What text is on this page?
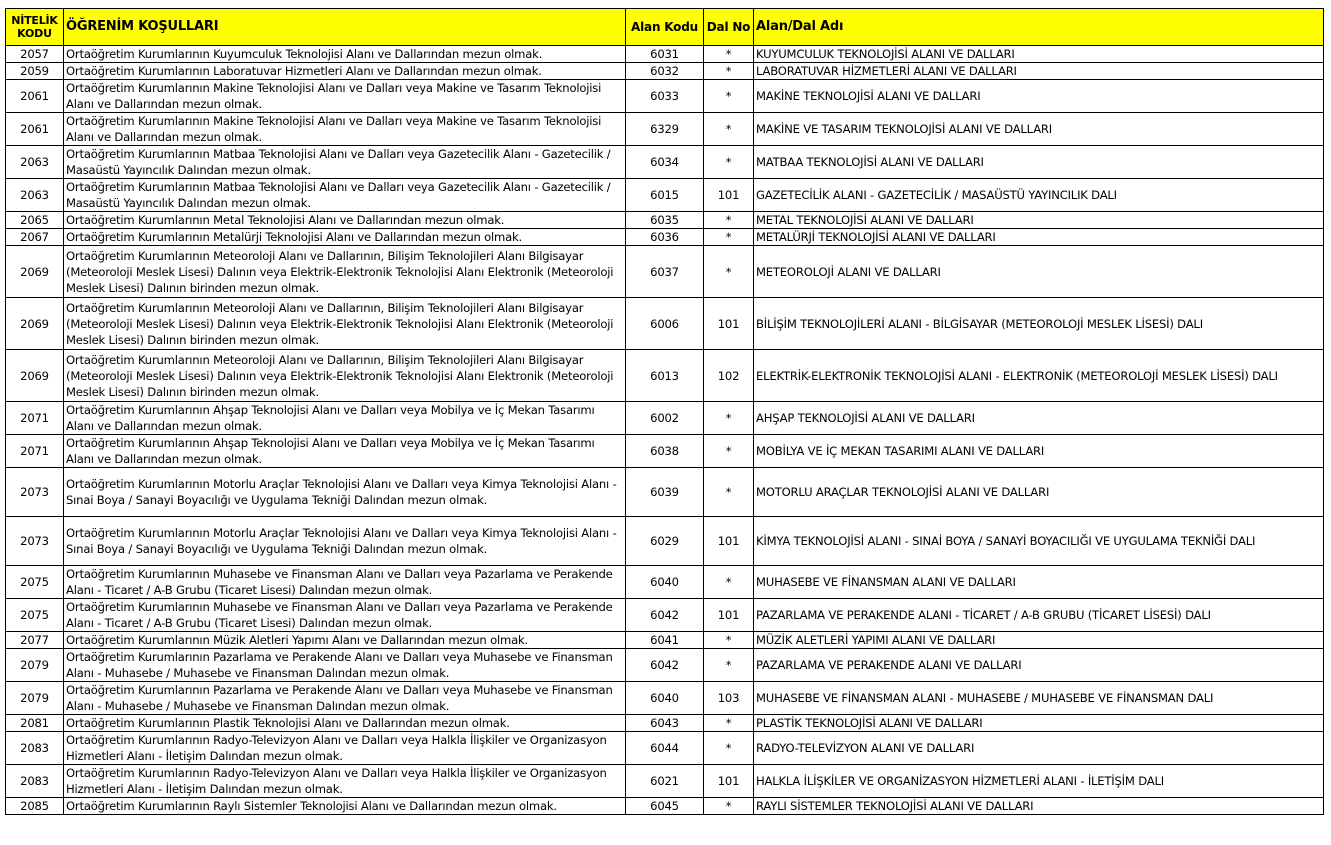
NİTELİK KODU	ÖĞRENİM KOŞULLARI	Alan Kodu	Dal No	Alan/Dal Adı
2057	Ortaöğretim Kurumlarının Kuyumculuk Teknolojisi Alanı ve Dallarından mezun olmak.	6031	*	KUYUMCULUK TEKNOLOJİSİ ALANI VE DALLARI
2059	Ortaöğretim Kurumlarının Laboratuvar Hizmetleri Alanı ve Dallarından mezun olmak.	6032	*	LABORATUVAR HİZMETLERİ ALANI VE DALLARI
2061	Ortaöğretim Kurumlarının Makine Teknolojisi Alanı ve Dalları veya Makine ve Tasarım Teknolojisi Alanı ve Dallarından mezun olmak.	6033	*	MAKİNE TEKNOLOJİSİ ALANI VE DALLARI
2061	Ortaöğretim Kurumlarının Makine Teknolojisi Alanı ve Dalları veya Makine ve Tasarım Teknolojisi Alanı ve Dallarından mezun olmak.	6329	*	MAKİNE VE TASARIM TEKNOLOJİSİ ALANI VE DALLARI
2063	Ortaöğretim Kurumlarının Matbaa Teknolojisi Alanı ve Dalları veya Gazetecilik Alanı - Gazetecilik / Masaüstü Yayıncılık Dalından mezun olmak.	6034	*	MATBAA TEKNOLOJİSİ ALANI VE DALLARI
2063	Ortaöğretim Kurumlarının Matbaa Teknolojisi Alanı ve Dalları veya Gazetecilik Alanı - Gazetecilik / Masaüstü Yayıncılık Dalından mezun olmak.	6015	101	GAZETECİLİK ALANI - GAZETECİLİK / MASAÜSTÜ YAYINCILIK DALI
2065	Ortaöğretim Kurumlarının Metal Teknolojisi Alanı ve Dallarından mezun olmak.	6035	*	METAL TEKNOLOJİSİ ALANI VE DALLARI
2067	Ortaöğretim Kurumlarının Metalürji Teknolojisi Alanı ve Dallarından mezun olmak.	6036	*	METALÜRJİ TEKNOLOJİSİ ALANI VE DALLARI
2069	Ortaöğretim Kurumlarının Meteoroloji Alanı ve Dallarının, Bilişim Teknolojileri Alanı Bilgisayar (Meteoroloji Meslek Lisesi) Dalının veya Elektrik-Elektronik Teknolojisi Alanı Elektronik (Meteoroloji Meslek Lisesi) Dalının birinden mezun olmak.	6037	*	METEOROLOJİ ALANI VE DALLARI
2069	Ortaöğretim Kurumlarının Meteoroloji Alanı ve Dallarının, Bilişim Teknolojileri Alanı Bilgisayar (Meteoroloji Meslek Lisesi) Dalının veya Elektrik-Elektronik Teknolojisi Alanı Elektronik (Meteoroloji Meslek Lisesi) Dalının birinden mezun olmak.	6006	101	BİLİŞİM TEKNOLOJİLERİ ALANI - BİLGİSAYAR (METEOROLOJİ MESLEK LİSESİ) DALI
2069	Ortaöğretim Kurumlarının Meteoroloji Alanı ve Dallarının, Bilişim Teknolojileri Alanı Bilgisayar (Meteoroloji Meslek Lisesi) Dalının veya Elektrik-Elektronik Teknolojisi Alanı Elektronik (Meteoroloji Meslek Lisesi) Dalının birinden mezun olmak.	6013	102	ELEKTRİK-ELEKTRONİK TEKNOLOJİSİ ALANI - ELEKTRONİK (METEOROLOJİ MESLEK LİSESİ) DALI
2071	Ortaöğretim Kurumlarının Ahşap Teknolojisi Alanı ve Dalları veya Mobilya ve İç Mekan Tasarımı Alanı ve Dallarından mezun olmak.	6002	*	AHŞAP TEKNOLOJİSİ ALANI VE DALLARI
2071	Ortaöğretim Kurumlarının Ahşap Teknolojisi Alanı ve Dalları veya Mobilya ve İç Mekan Tasarımı Alanı ve Dallarından mezun olmak.	6038	*	MOBİLYA VE İÇ MEKAN TASARIMI ALANI VE DALLARI
2073	Ortaöğretim Kurumlarının Motorlu Araçlar Teknolojisi Alanı ve Dalları veya Kimya Teknolojisi Alanı - Sınai Boya / Sanayi Boyacılığı ve Uygulama Tekniği Dalından mezun olmak.	6039	*	MOTORLU ARAÇLAR TEKNOLOJİSİ ALANI VE DALLARI
2073	Ortaöğretim Kurumlarının Motorlu Araçlar Teknolojisi Alanı ve Dalları veya Kimya Teknolojisi Alanı - Sınai Boya / Sanayi Boyacılığı ve Uygulama Tekniği Dalından mezun olmak.	6029	101	KİMYA TEKNOLOJİSİ ALANI - SINAİ BOYA / SANAYİ BOYACILIĞI VE UYGULAMA TEKNİĞİ DALI
2075	Ortaöğretim Kurumlarının Muhasebe ve Finansman Alanı ve Dalları veya Pazarlama ve Perakende Alanı - Ticaret / A-B Grubu (Ticaret Lisesi) Dalından mezun olmak.	6040	*	MUHASEBE VE FİNANSMAN ALANI VE DALLARI
2075	Ortaöğretim Kurumlarının Muhasebe ve Finansman Alanı ve Dalları veya Pazarlama ve Perakende Alanı - Ticaret / A-B Grubu (Ticaret Lisesi) Dalından mezun olmak.	6042	101	PAZARLAMA VE PERAKENDE ALANI - TİCARET / A-B GRUBU (TİCARET LİSESİ) DALI
2077	Ortaöğretim Kurumlarının Müzik Aletleri Yapımı Alanı ve Dallarından mezun olmak.	6041	*	MÜZİK ALETLERİ YAPIMI ALANI VE DALLARI
2079	Ortaöğretim Kurumlarının Pazarlama ve Perakende Alanı ve Dalları veya Muhasebe ve Finansman Alanı - Muhasebe / Muhasebe ve Finansman Dalından mezun olmak.	6042	*	PAZARLAMA VE PERAKENDE ALANI VE DALLARI
2079	Ortaöğretim Kurumlarının Pazarlama ve Perakende Alanı ve Dalları veya Muhasebe ve Finansman Alanı - Muhasebe / Muhasebe ve Finansman Dalından mezun olmak.	6040	103	MUHASEBE VE FİNANSMAN ALANI - MUHASEBE / MUHASEBE VE FİNANSMAN DALI
2081	Ortaöğretim Kurumlarının Plastik Teknolojisi Alanı ve Dallarından mezun olmak.	6043	*	PLASTİK TEKNOLOJİSİ ALANI VE DALLARI
2083	Ortaöğretim Kurumlarının Radyo-Televizyon Alanı ve Dalları veya Halkla İlişkiler ve Organizasyon Hizmetleri Alanı - İletişim Dalından mezun olmak.	6044	*	RADYO-TELEVİZYON ALANI VE DALLARI
2083	Ortaöğretim Kurumlarının Radyo-Televizyon Alanı ve Dalları veya Halkla İlişkiler ve Organizasyon Hizmetleri Alanı - İletişim Dalından mezun olmak.	6021	101	HALKLA İLİŞKİLER VE ORGANİZASYON HİZMETLERİ ALANI - İLETİŞİM DALI
2085	Ortaöğretim Kurumlarının Raylı Sistemler Teknolojisi Alanı ve Dallarından mezun olmak.	6045	*	RAYLI SİSTEMLER TEKNOLOJİSİ ALANI VE DALLARI
